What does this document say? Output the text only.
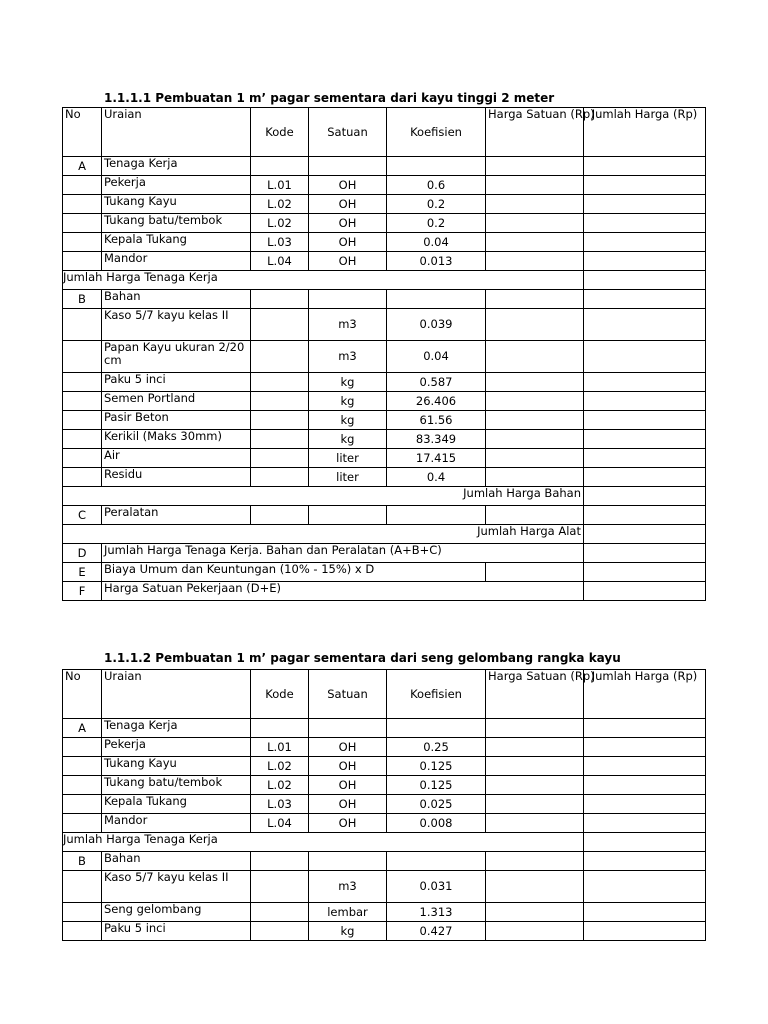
1.1.1.1 Pembuatan 1 m’ pagar sementara dari kayu tinggi 2 meter
No	Uraian	Kode	Satuan	Koefisien	Harga Satuan (Rp)	Jumlah Harga (Rp)
A	Tenaga Kerja					
	Pekerja	L.01	OH	0.6		
	Tukang Kayu	L.02	OH	0.2		
	Tukang batu/tembok	L.02	OH	0.2		
	Kepala Tukang	L.03	OH	0.04		
	Mandor	L.04	OH	0.013		
Jumlah Harga Tenaga Kerja						
B	Bahan					
	Kaso 5/7 kayu kelas II		m3	0.039		
	Papan Kayu ukuran 2/20 cm		m3	0.04		
	Paku 5 inci		kg	0.587		
	Semen Portland		kg	26.406		
	Pasir Beton		kg	61.56		
	Kerikil (Maks 30mm)		kg	83.349		
	Air		liter	17.415		
	Residu		liter	0.4		
Jumlah Harga Bahan						
C	Peralatan					
Jumlah Harga Alat						
D	Jumlah Harga Tenaga Kerja. Bahan dan Peralatan (A+B+C)					
E	Biaya Umum dan Keuntungan (10% - 15%) x D					
F	Harga Satuan Pekerjaan (D+E)					
1.1.1.2 Pembuatan 1 m’ pagar sementara dari seng gelombang rangka kayu
No	Uraian	Kode	Satuan	Koefisien	Harga Satuan (Rp)	Jumlah Harga (Rp)
A	Tenaga Kerja					
	Pekerja	L.01	OH	0.25		
	Tukang Kayu	L.02	OH	0.125		
	Tukang batu/tembok	L.02	OH	0.125		
	Kepala Tukang	L.03	OH	0.025		
	Mandor	L.04	OH	0.008		
Jumlah Harga Tenaga Kerja						
B	Bahan					
	Kaso 5/7 kayu kelas II		m3	0.031		
	Seng gelombang		lembar	1.313		
	Paku 5 inci		kg	0.427		
